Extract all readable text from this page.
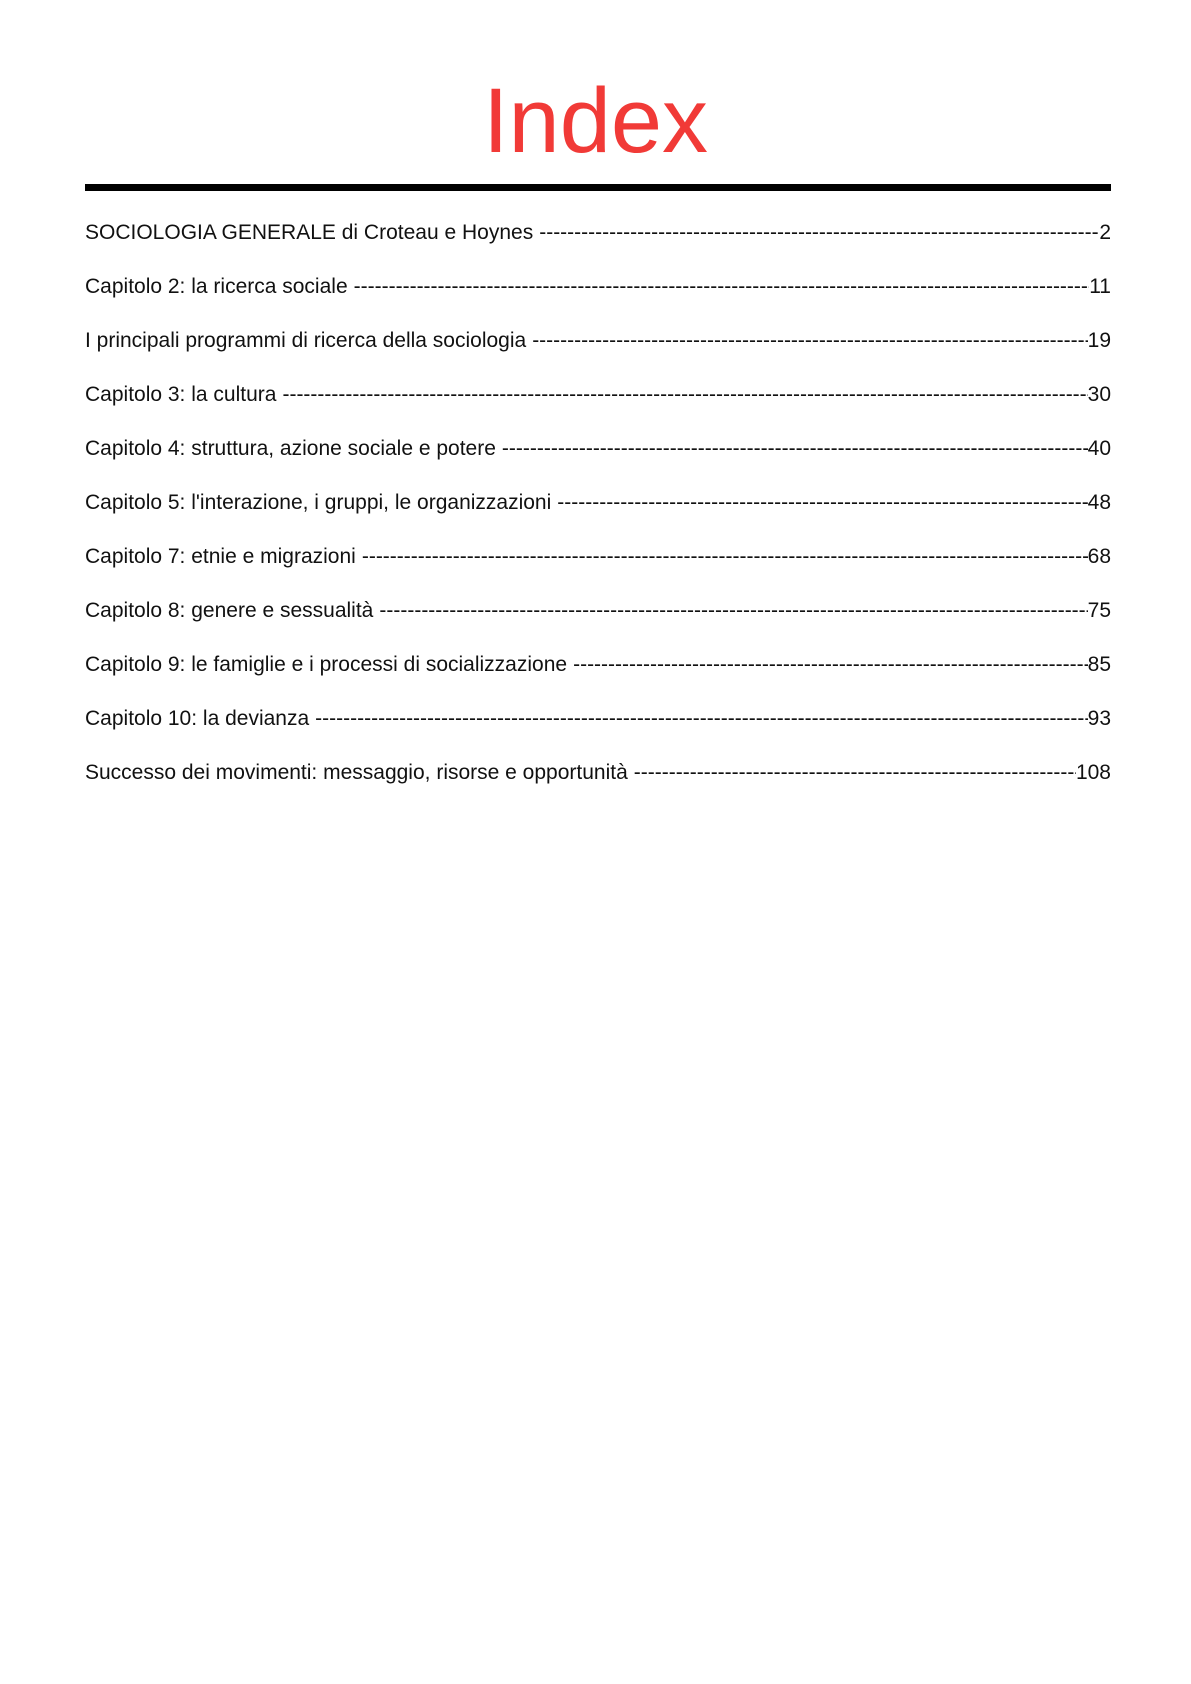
Index
SOCIOLOGIA GENERALE di Croteau e Hoynes -----	2
Capitolo 2: la ricerca sociale -----	11
I principali programmi di ricerca della sociologia -----	19
Capitolo 3: la cultura -----	30
Capitolo 4: struttura, azione sociale e potere -----	40
Capitolo 5: l'interazione, i gruppi, le organizzazioni -----	48
Capitolo 7: etnie e migrazioni -----	68
Capitolo 8: genere e sessualità -----	75
Capitolo 9: le famiglie e i processi di socializzazione -----	85
Capitolo 10: la devianza -----	93
Successo dei movimenti: messaggio, risorse e opportunità -----	108
